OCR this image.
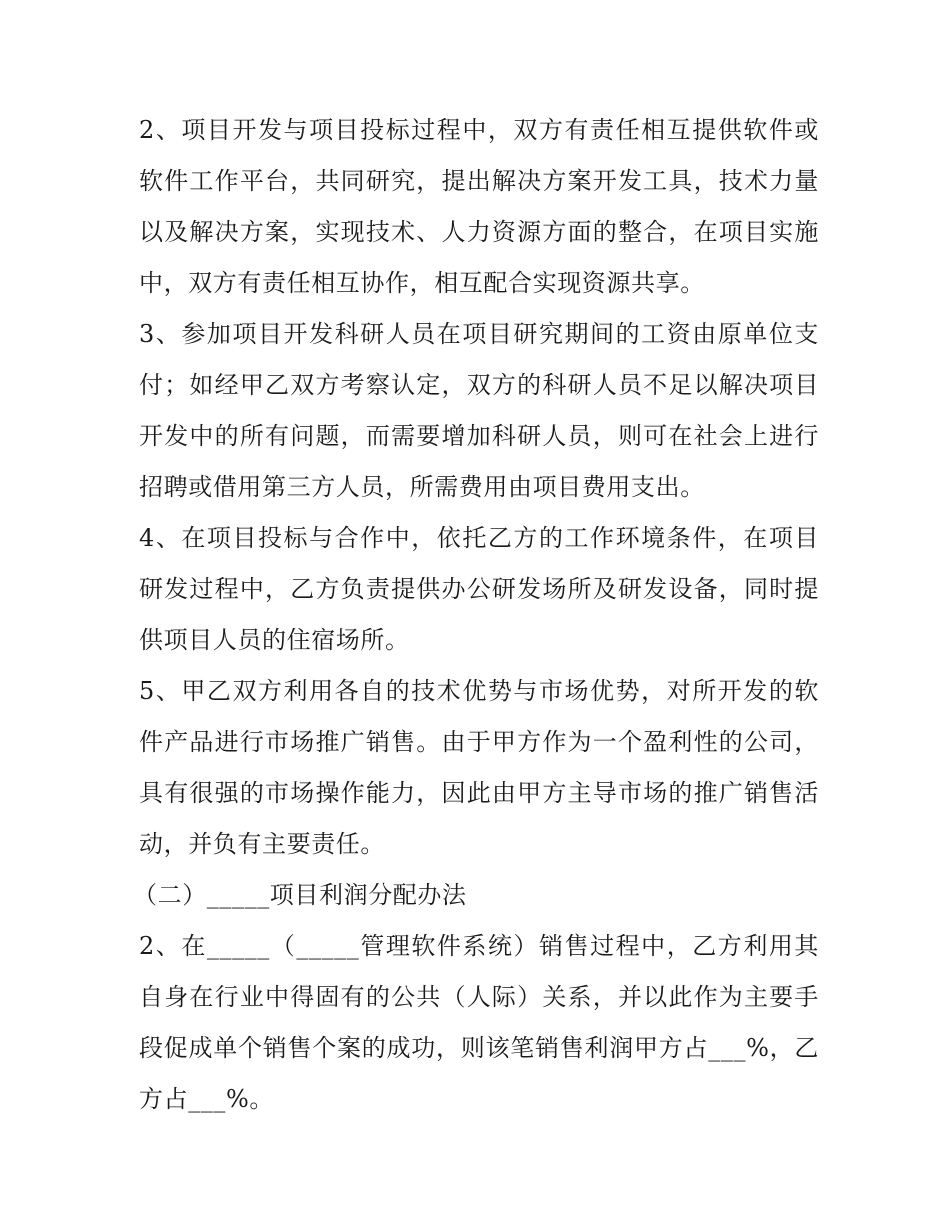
2、项目开发与项目投标过程中，双方有责任相互提供软件或软件工作平台，共同研究，提出解决方案开发工具，技术力量以及解决方案，实现技术、人力资源方面的整合，在项目实施中，双方有责任相互协作，相互配合实现资源共享。

3、参加项目开发科研人员在项目研究期间的工资由原单位支付；如经甲乙双方考察认定，双方的科研人员不足以解决项目开发中的所有问题，而需要增加科研人员，则可在社会上进行招聘或借用第三方人员，所需费用由项目费用支出。

4、在项目投标与合作中，依托乙方的工作环境条件，在项目研发过程中，乙方负责提供办公研发场所及研发设备，同时提供项目人员的住宿场所。

5、甲乙双方利用各自的技术优势与市场优势，对所开发的软件产品进行市场推广销售。由于甲方作为一个盈利性的公司，具有很强的市场操作能力，因此由甲方主导市场的推广销售活动，并负有主要责任。

（二）_____项目利润分配办法

2、在_____（_____管理软件系统）销售过程中，乙方利用其自身在行业中得固有的公共（人际）关系，并以此作为主要手段促成单个销售个案的成功，则该笔销售利润甲方占___%，乙方占___%。
